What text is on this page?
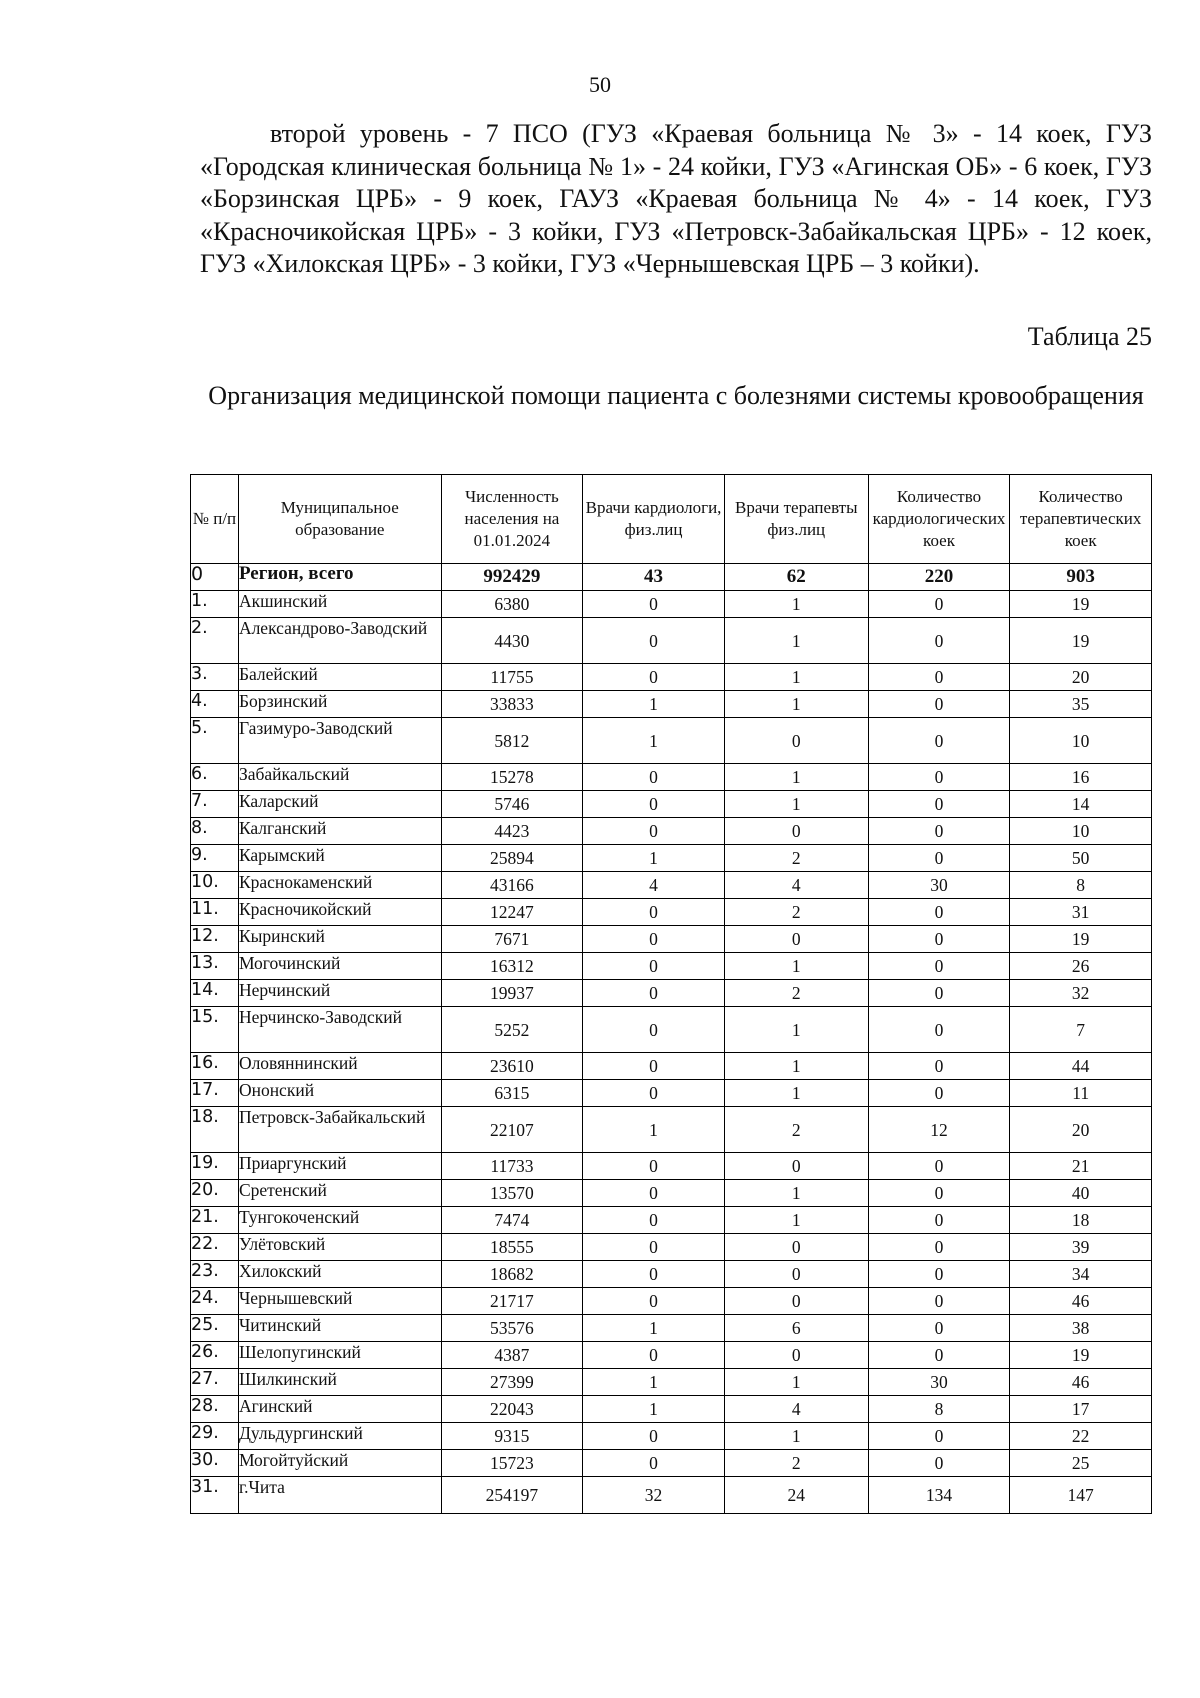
50

второй уровень - 7 ПСО (ГУЗ «Краевая больница № 3» - 14 коек, ГУЗ «Городская клиническая больница № 1» - 24 койки, ГУЗ «Агинская ОБ» - 6 коек, ГУЗ «Борзинская ЦРБ» - 9 коек, ГАУЗ «Краевая больница № 4» - 14 коек, ГУЗ «Красночикойская ЦРБ» - 3 койки, ГУЗ «Петровск-Забайкальская ЦРБ» - 12 коек, ГУЗ «Хилокская ЦРБ» - 3 койки, ГУЗ «Чернышевская ЦРБ – 3 койки).

Таблица 25
Организация медицинской помощи пациента с болезнями системы кровообращения
№ п/п	Муниципальное образование	Численность населения на 01.01.2024	Врачи кардиологи, физ.лиц	Врачи терапевты физ.лиц	Количество кардиологических коек	Количество терапевтических коек
0	Регион, всего	992429	43	62	220	903
1.	Акшинский	6380	0	1	0	19
2.	Александрово-Заводский	4430	0	1	0	19
3.	Балейский	11755	0	1	0	20
4.	Борзинский	33833	1	1	0	35
5.	Газимуро-Заводский	5812	1	0	0	10
6.	Забайкальский	15278	0	1	0	16
7.	Каларский	5746	0	1	0	14
8.	Калганский	4423	0	0	0	10
9.	Карымский	25894	1	2	0	50
10.	Краснокаменский	43166	4	4	30	8
11.	Красночикойский	12247	0	2	0	31
12.	Кыринский	7671	0	0	0	19
13.	Могочинский	16312	0	1	0	26
14.	Нерчинский	19937	0	2	0	32
15.	Нерчинско-Заводский	5252	0	1	0	7
16.	Оловяннинский	23610	0	1	0	44
17.	Ононский	6315	0	1	0	11
18.	Петровск-Забайкальский	22107	1	2	12	20
19.	Приаргунский	11733	0	0	0	21
20.	Сретенский	13570	0	1	0	40
21.	Тунгокоченский	7474	0	1	0	18
22.	Улётовский	18555	0	0	0	39
23.	Хилокский	18682	0	0	0	34
24.	Чернышевский	21717	0	0	0	46
25.	Читинский	53576	1	6	0	38
26.	Шелопугинский	4387	0	0	0	19
27.	Шилкинский	27399	1	1	30	46
28.	Агинский	22043	1	4	8	17
29.	Дульдургинский	9315	0	1	0	22
30.	Могойтуйский	15723	0	2	0	25
31.	г.Чита	254197	32	24	134	147
